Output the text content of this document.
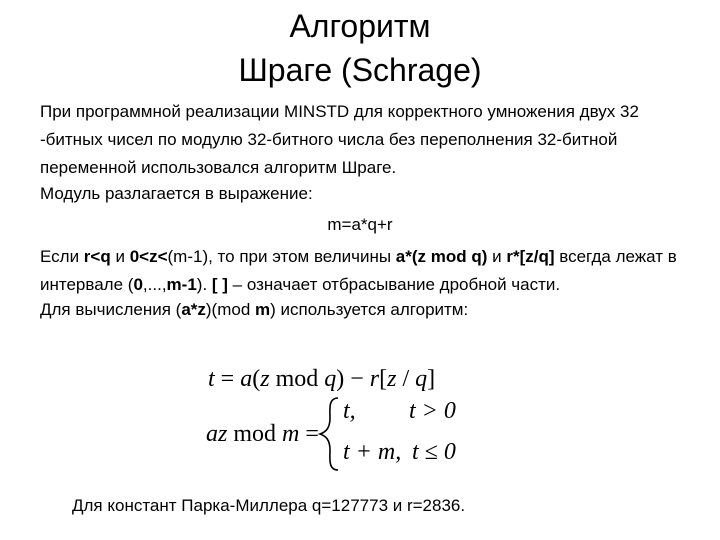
Алгоритм
Шраге (Schrage)
При программной реализации MINSTD для корректного умножения двух 32 -битных чисел по модулю 32-битного числа без переполнения 32-битной переменной использовался алгоритм Шраге.
Модуль разлагается в выражение:
m=a*q+r
Если r<q и 0<z<(m-1), то при этом величины a*(z mod q) и r*[z/q] всегда лежат в интервале (0,...,m-1). [ ] – означает отбрасывание дробной части.
Для вычисления (a*z)(mod m) используется алгоритм:
t = a(z mod q) − r[z / q]
az mod m =
t, t > 0
t + m, t ≤ 0
Для констант Парка-Миллера q=127773 и r=2836.
